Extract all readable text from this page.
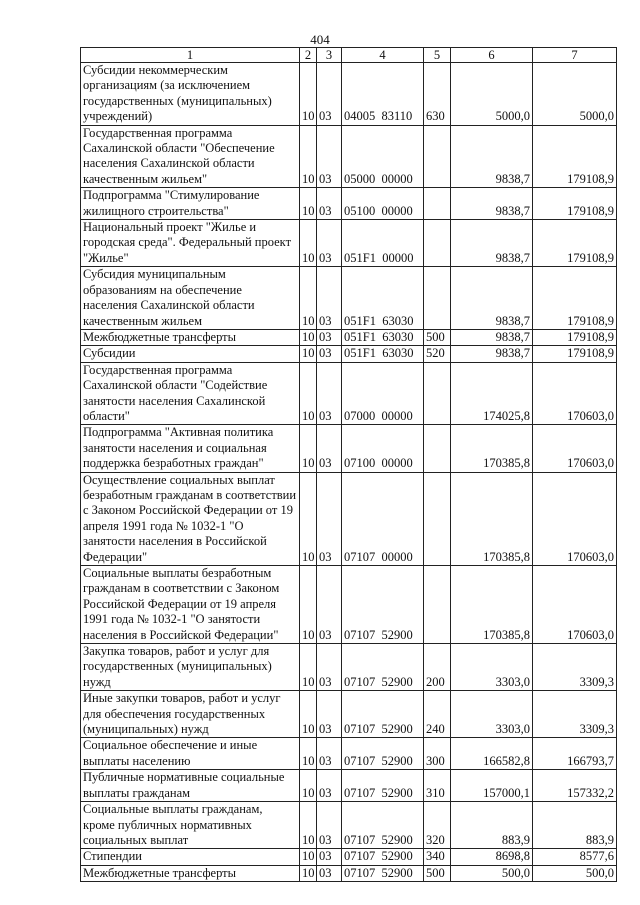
404
1	2	3	4	5	6	7
Субсидии некоммерческим организациям (за исключением государственных (муниципальных) учреждений)	10	03	04005  83110	630	5000,0	5000,0
Государственная программа Сахалинской области "Обеспечение населения Сахалинской области качественным жильем"	10	03	05000  00000		9838,7	179108,9
Подпрограмма "Стимулирование жилищного строительства"	10	03	05100  00000		9838,7	179108,9
Национальный проект "Жилье и городская среда". Федеральный проект "Жилье"	10	03	051F1  00000		9838,7	179108,9
Субсидия муниципальным образованиям на обеспечение населения Сахалинской области качественным жильем	10	03	051F1  63030		9838,7	179108,9
Межбюджетные трансферты	10	03	051F1  63030	500	9838,7	179108,9
Субсидии	10	03	051F1  63030	520	9838,7	179108,9
Государственная программа Сахалинской области "Содействие занятости населения Сахалинской области"	10	03	07000  00000		174025,8	170603,0
Подпрограмма "Активная политика занятости населения и социальная поддержка безработных граждан"	10	03	07100  00000		170385,8	170603,0
Осуществление социальных выплат безработным гражданам в соответствии с Законом Российской Федерации от 19 апреля 1991 года № 1032-1 "О занятости населения в Российской Федерации"	10	03	07107  00000		170385,8	170603,0
Социальные выплаты безработным гражданам в соответствии с Законом Российской Федерации от 19 апреля 1991 года № 1032-1 "О занятости населения в Российской Федерации"	10	03	07107  52900		170385,8	170603,0
Закупка товаров, работ и услуг для государственных (муниципальных) нужд	10	03	07107  52900	200	3303,0	3309,3
Иные закупки товаров, работ и услуг для обеспечения государственных (муниципальных) нужд	10	03	07107  52900	240	3303,0	3309,3
Социальное обеспечение и иные выплаты населению	10	03	07107  52900	300	166582,8	166793,7
Публичные нормативные социальные выплаты гражданам	10	03	07107  52900	310	157000,1	157332,2
Социальные выплаты гражданам, кроме публичных нормативных социальных выплат	10	03	07107  52900	320	883,9	883,9
Стипендии	10	03	07107  52900	340	8698,8	8577,6
Межбюджетные трансферты	10	03	07107  52900	500	500,0	500,0
